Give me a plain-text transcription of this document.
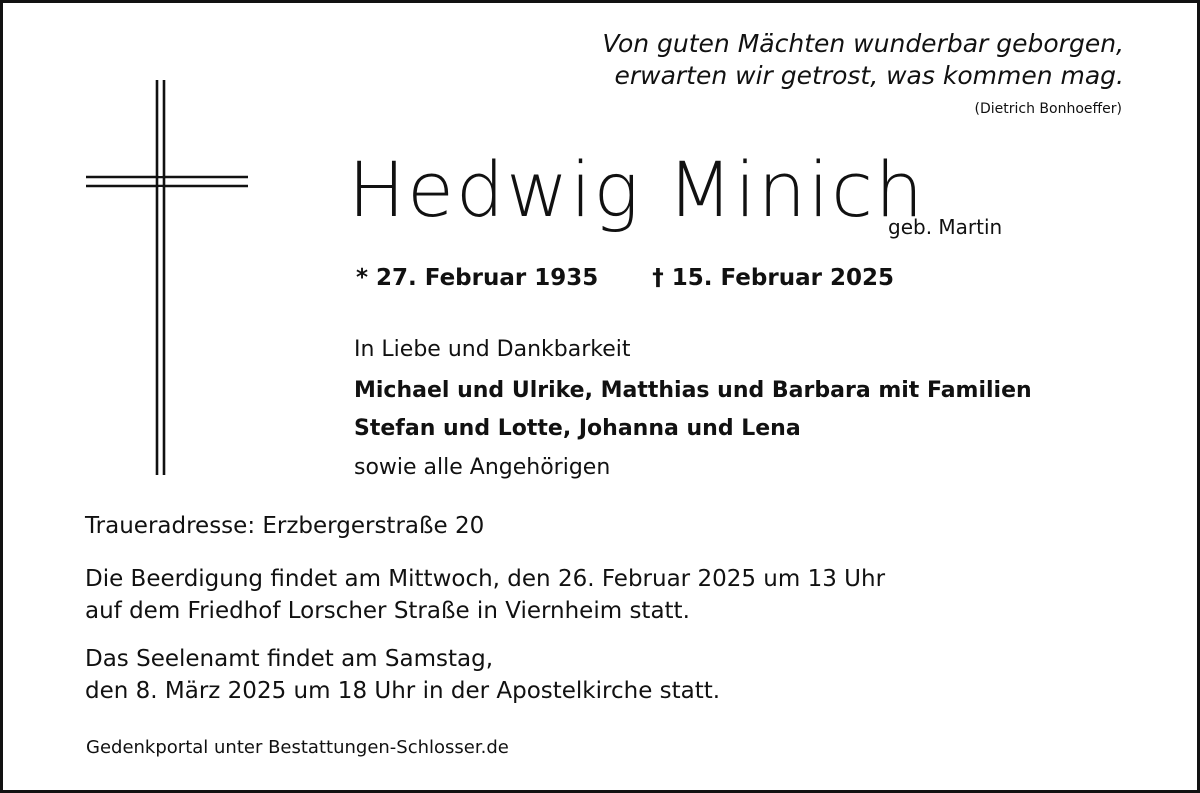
Von guten Mächten wunderbar geborgen,
erwarten wir getrost, was kommen mag.
(Dietrich Bonhoeffer)
Hedwig Minich
geb. Martin
* 27. Februar 1935 † 15. Februar 2025
In Liebe und Dankbarkeit
Michael und Ulrike, Matthias und Barbara mit Familien
Stefan und Lotte, Johanna und Lena
sowie alle Angehörigen
Traueradresse: Erzbergerstraße 20
Die Beerdigung findet am Mittwoch, den 26. Februar 2025 um 13 Uhr
auf dem Friedhof Lorscher Straße in Viernheim statt.
Das Seelenamt findet am Samstag,
den 8. März 2025 um 18 Uhr in der Apostelkirche statt.
Gedenkportal unter Bestattungen-Schlosser.de
